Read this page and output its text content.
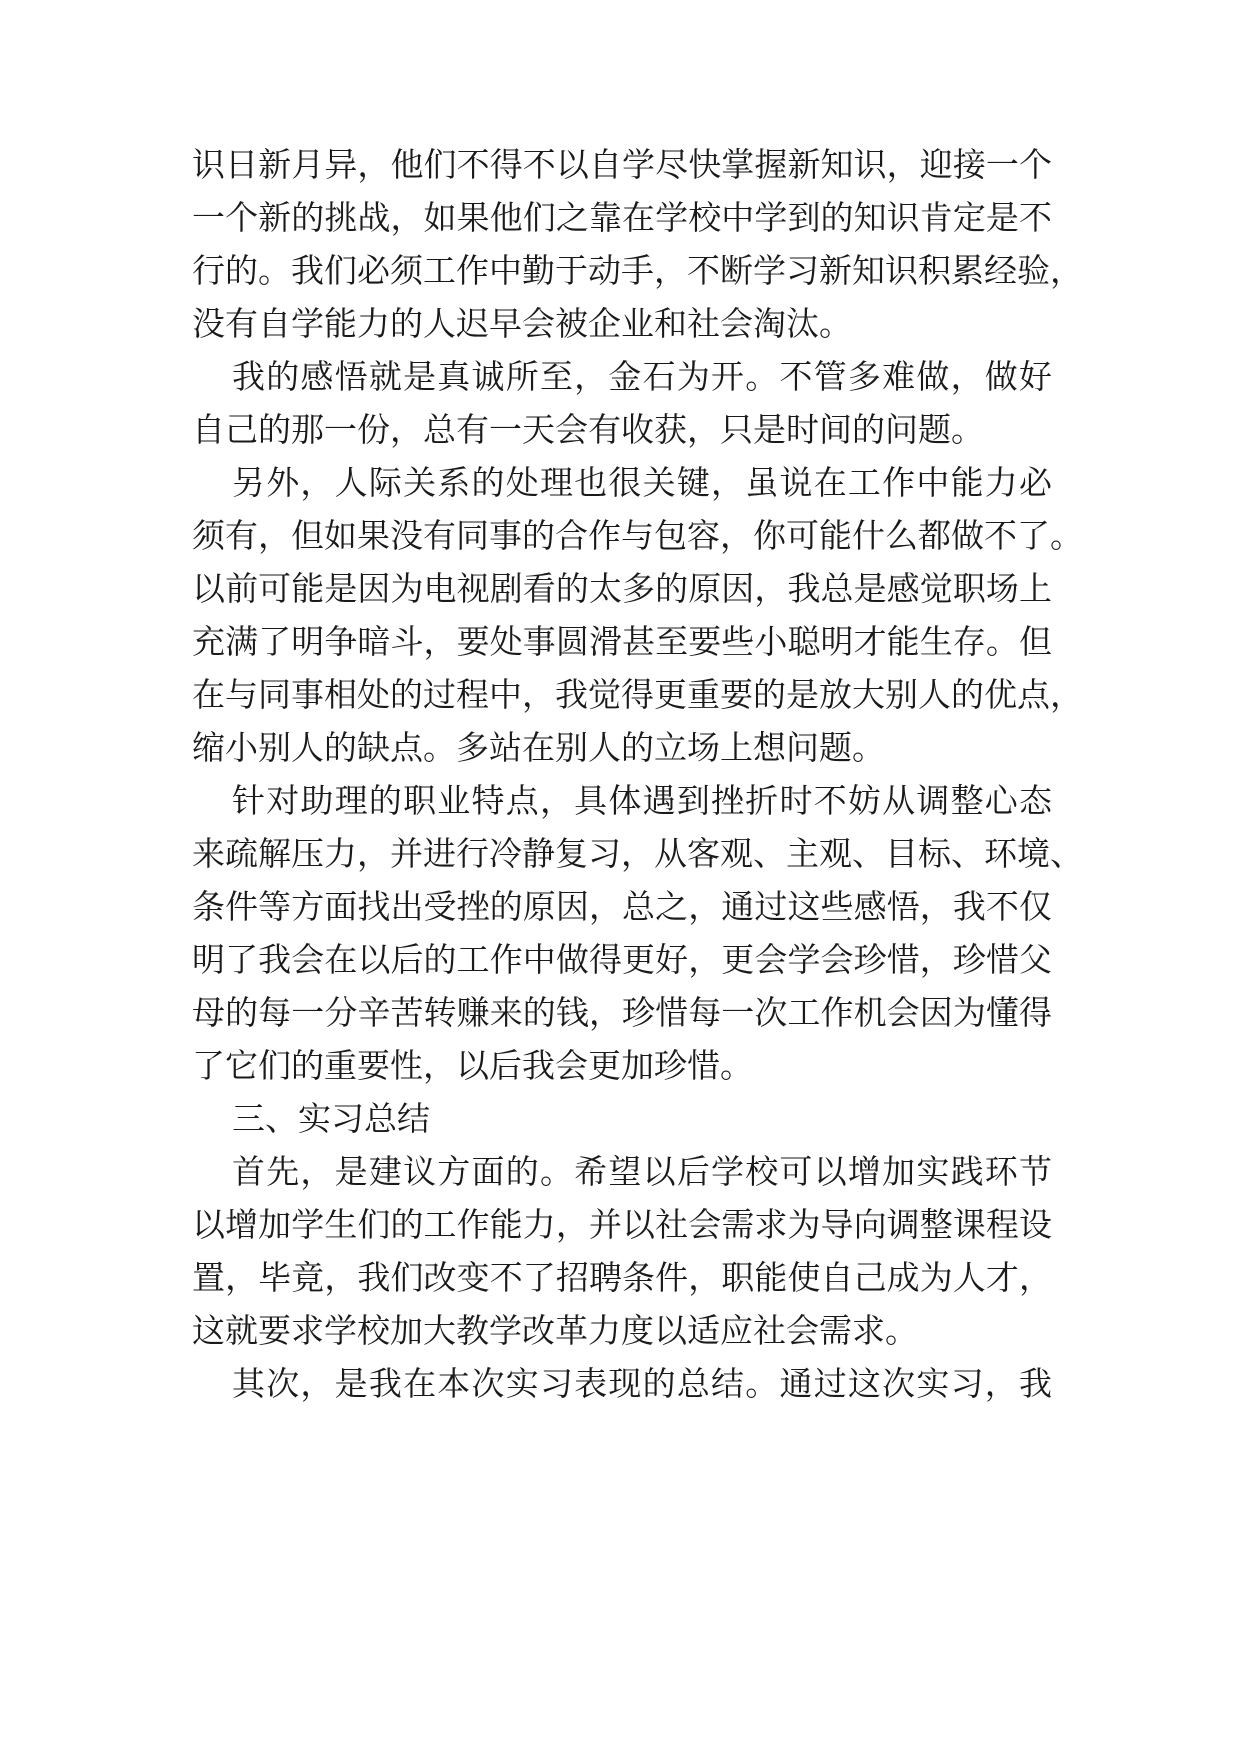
识日新月异，他们不得不以自学尽快掌握新知识，迎接一个
一个新的挑战，如果他们之靠在学校中学到的知识肯定是不
行的。我们必须工作中勤于动手，不断学习新知识积累经验，
没有自学能力的人迟早会被企业和社会淘汰。
我的感悟就是真诚所至，金石为开。不管多难做，做好
自己的那一份，总有一天会有收获，只是时间的问题。
另外，人际关系的处理也很关键，虽说在工作中能力必
须有，但如果没有同事的合作与包容，你可能什么都做不了。
以前可能是因为电视剧看的太多的原因，我总是感觉职场上
充满了明争暗斗，要处事圆滑甚至要些小聪明才能生存。但
在与同事相处的过程中，我觉得更重要的是放大别人的优点，
缩小别人的缺点。多站在别人的立场上想问题。
针对助理的职业特点，具体遇到挫折时不妨从调整心态
来疏解压力，并进行冷静复习，从客观、主观、目标、环境、
条件等方面找出受挫的原因，总之，通过这些感悟，我不仅
明了我会在以后的工作中做得更好，更会学会珍惜，珍惜父
母的每一分辛苦转赚来的钱，珍惜每一次工作机会因为懂得
了它们的重要性，以后我会更加珍惜。
三、实习总结
首先，是建议方面的。希望以后学校可以增加实践环节
以增加学生们的工作能力，并以社会需求为导向调整课程设
置，毕竟，我们改变不了招聘条件，职能使自己成为人才，
这就要求学校加大教学改革力度以适应社会需求。
其次，是我在本次实习表现的总结。通过这次实习，我
